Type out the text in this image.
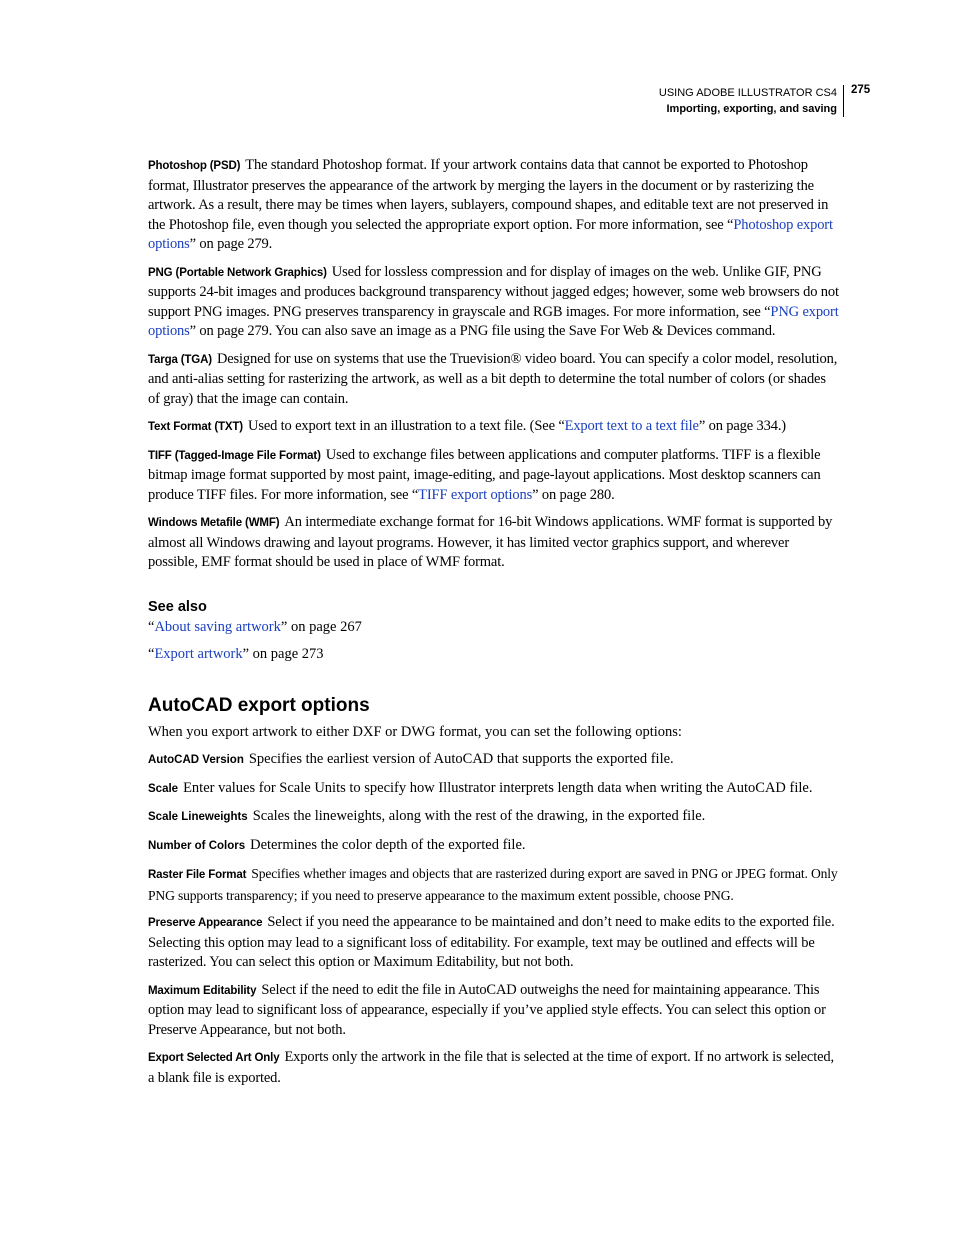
USING ADOBE ILLUSTRATOR CS4
Importing, exporting, and saving
275

Photoshop (PSD) The standard Photoshop format. If your artwork contains data that cannot be exported to Photoshop format, Illustrator preserves the appearance of the artwork by merging the layers in the document or by rasterizing the artwork. As a result, there may be times when layers, sublayers, compound shapes, and editable text are not preserved in the Photoshop file, even though you selected the appropriate export option. For more information, see “Photoshop export options” on page 279.

PNG (Portable Network Graphics) Used for lossless compression and for display of images on the web. Unlike GIF, PNG supports 24-bit images and produces background transparency without jagged edges; however, some web browsers do not support PNG images. PNG preserves transparency in grayscale and RGB images. For more information, see “PNG export options” on page 279. You can also save an image as a PNG file using the Save For Web & Devices command.

Targa (TGA) Designed for use on systems that use the Truevision® video board. You can specify a color model, resolution, and anti-alias setting for rasterizing the artwork, as well as a bit depth to determine the total number of colors (or shades of gray) that the image can contain.

Text Format (TXT) Used to export text in an illustration to a text file. (See “Export text to a text file” on page 334.)

TIFF (Tagged-Image File Format) Used to exchange files between applications and computer platforms. TIFF is a flexible bitmap image format supported by most paint, image-editing, and page-layout applications. Most desktop scanners can produce TIFF files. For more information, see “TIFF export options” on page 280.

Windows Metafile (WMF) An intermediate exchange format for 16-bit Windows applications. WMF format is supported by almost all Windows drawing and layout programs. However, it has limited vector graphics support, and wherever possible, EMF format should be used in place of WMF format.

See also

“About saving artwork” on page 267

“Export artwork” on page 273

AutoCAD export options

When you export artwork to either DXF or DWG format, you can set the following options:

AutoCAD Version Specifies the earliest version of AutoCAD that supports the exported file.

Scale Enter values for Scale Units to specify how Illustrator interprets length data when writing the AutoCAD file.

Scale Lineweights Scales the lineweights, along with the rest of the drawing, in the exported file.

Number of Colors Determines the color depth of the exported file.

Raster File Format Specifies whether images and objects that are rasterized during export are saved in PNG or JPEG format. Only PNG supports transparency; if you need to preserve appearance to the maximum extent possible, choose PNG.

Preserve Appearance Select if you need the appearance to be maintained and don’t need to make edits to the exported file. Selecting this option may lead to a significant loss of editability. For example, text may be outlined and effects will be rasterized. You can select this option or Maximum Editability, but not both.

Maximum Editability Select if the need to edit the file in AutoCAD outweighs the need for maintaining appearance. This option may lead to significant loss of appearance, especially if you’ve applied style effects. You can select this option or Preserve Appearance, but not both.

Export Selected Art Only Exports only the artwork in the file that is selected at the time of export. If no artwork is selected, a blank file is exported.
